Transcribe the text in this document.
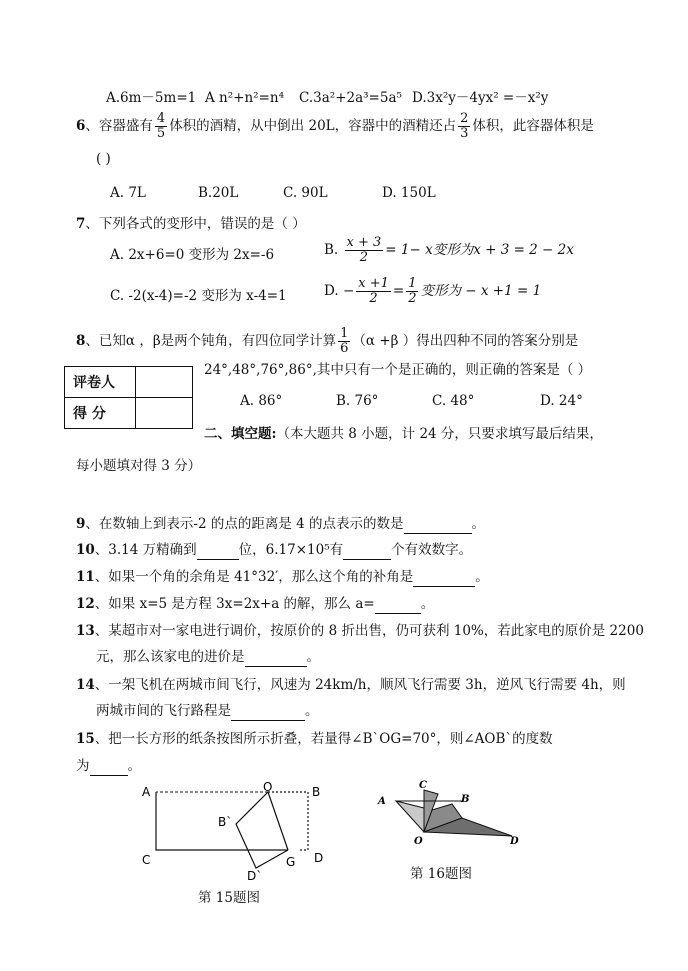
A.6m－5m=1 A n²+n²=n⁴ C.3a²+2a³=5a⁵ D.3x²y－4yx² =－x²y
6、容器盛有 $\frac{4}{5}$ 体积的酒精，从中倒出 20L，容器中的酒精还占 $\frac{2}{3}$ 体积，此容器体积是
( )
A. 7L	B.20L	C. 90L	D. 150L
7、下列各式的变形中，错误的是（ ）
A. 2x+6=0 变形为 2x=-6	B. $\frac{x + 3}{2} = 1- x$变形为x + 3 = 2 − 2x
C. -2(x-4)=-2 变形为 x-4=1	D. − $\frac{x +1}{2} = \frac{1}{2}$ 变形为 − x +1 = 1
8、已知α ，β是两个钝角，有四位同学计算 $\frac{1}{6} (\alpha +\beta$ ）得出四种不同的答案分别是
24°,48°,76°,86°,其中只有一个是正确的，则正确的答案是（ ）
A. 86°	B. 76°	C. 48°	D. 24°
评卷人	
得 分	
二、填空题:（本大题共 8 小题，计 24 分，只要求填写最后结果，
每小题填对得 3 分）
9、在数轴上到表示-2 的点的距离是 4 的点表示的数是	。
10、3.14 万精确到	位，6.17×10⁵有	个有效数字。
11、如果一个角的余角是 41°32′，那么这个角的补角是	。
12、如果 x=5 是方程 3x=2x+a 的解，那么 a=	。
13、某超市对一家电进行调价，按原价的 8 折出售，仍可获利 10%，若此家电的原价是 2200
元，那么该家电的进价是	。
14、一架飞机在两城市间飞行，风速为 24km/h，顺风飞行需要 3h，逆风飞行需要 4h，则
两城市间的飞行路程是	。
15、把一长方形的纸条按图所示折叠，若量得∠B`OG=70°，则∠AOB`的度数
为	。
A	O	B
B`
C	G D
D`
第 15题图
C
A	B
O	D
第 16题图
